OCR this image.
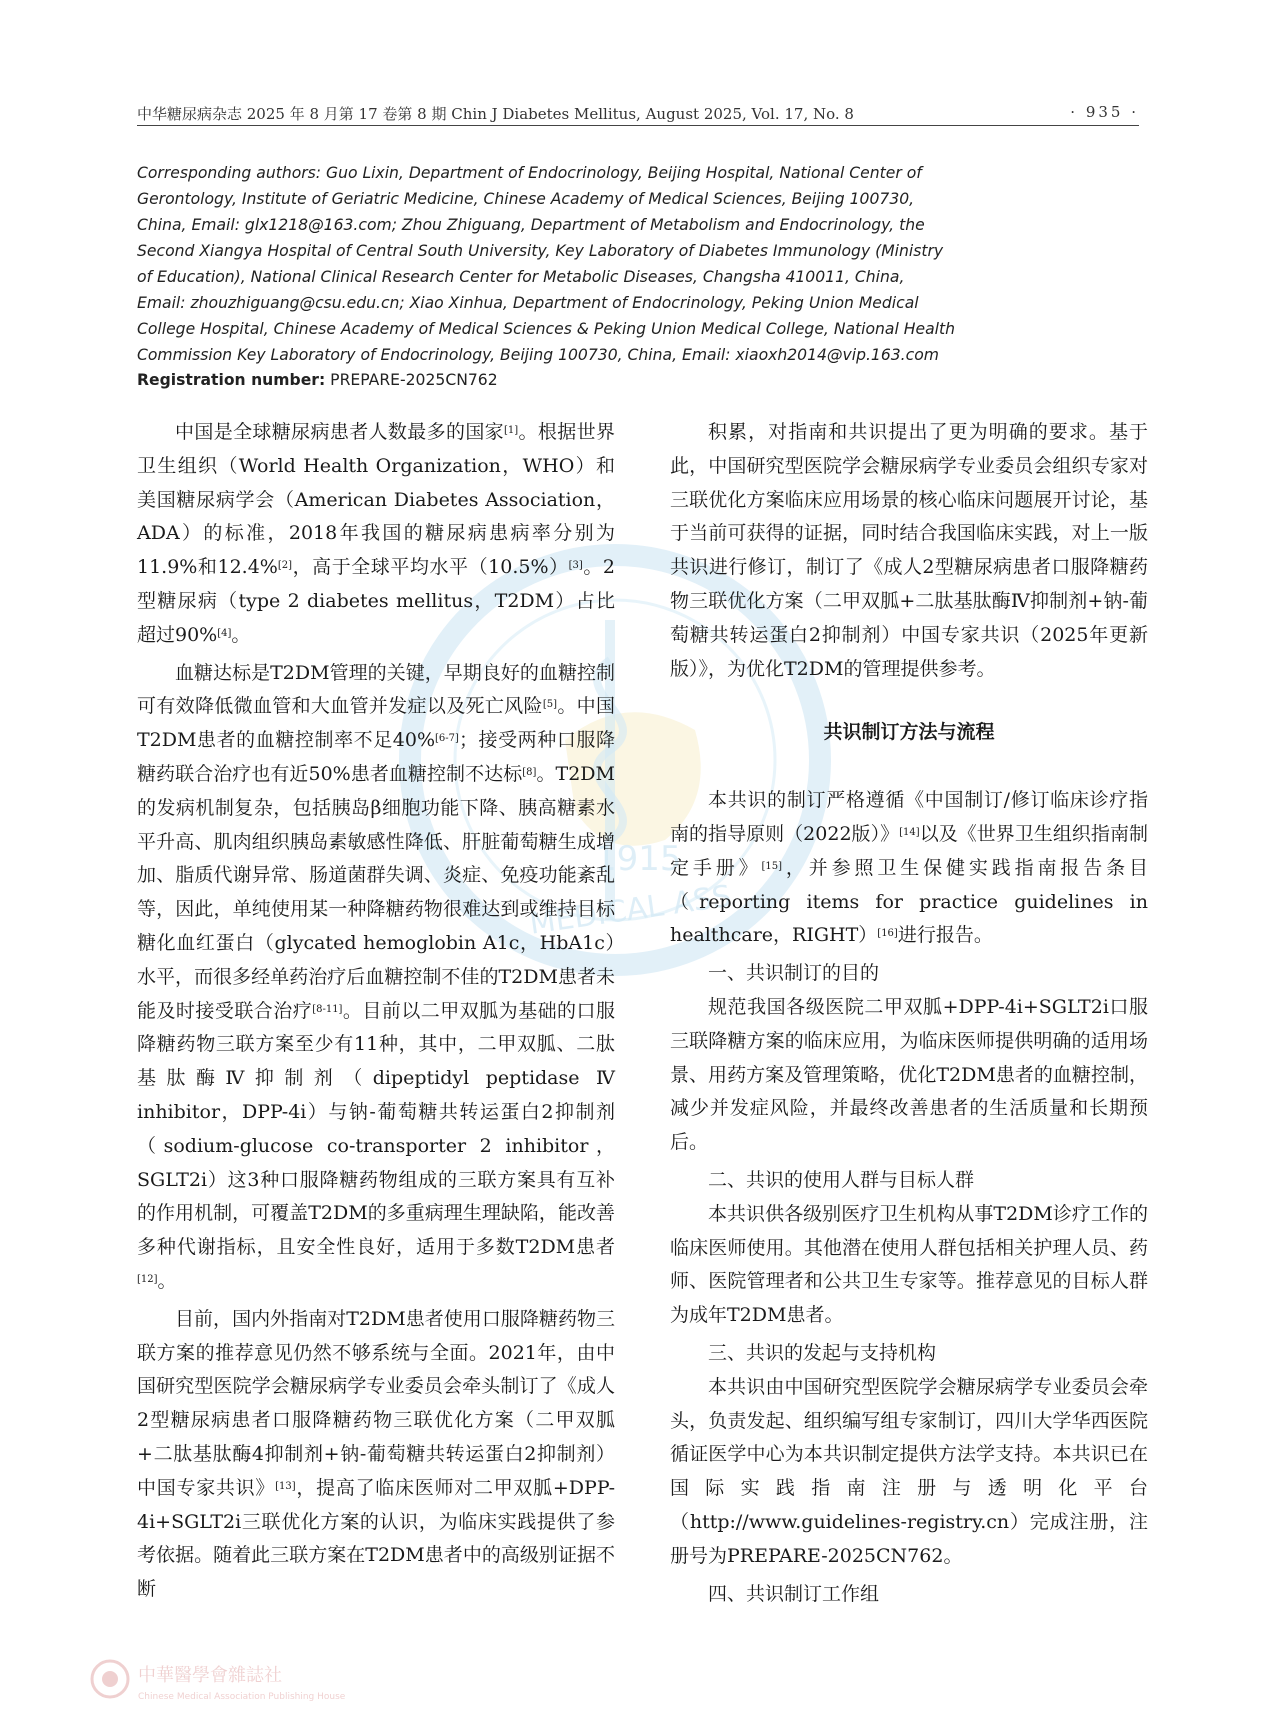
1915
MEDICAL ASS
中华糖尿病杂志 2025 年 8 月第 17 卷第 8 期 Chin J Diabetes Mellitus, August 2025, Vol. 17, No. 8	· 935 ·
Corresponding authors: Guo Lixin, Department of Endocrinology, Beijing Hospital, National Center of Gerontology, Institute of Geriatric Medicine, Chinese Academy of Medical Sciences, Beijing 100730, China, Email: glx1218@163.com; Zhou Zhiguang, Department of Metabolism and Endocrinology, the Second Xiangya Hospital of Central South University, Key Laboratory of Diabetes Immunology (Ministry of Education), National Clinical Research Center for Metabolic Diseases, Changsha 410011, China, Email: zhouzhiguang@csu.edu.cn; Xiao Xinhua, Department of Endocrinology, Peking Union Medical College Hospital, Chinese Academy of Medical Sciences & Peking Union Medical College, National Health Commission Key Laboratory of Endocrinology, Beijing 100730, China, Email: xiaoxh2014@vip.163.com
Registration number: PREPARE-2025CN762

中国是全球糖尿病患者人数最多的国家[1]。根据世界卫生组织（World Health Organization，WHO）和美国糖尿病学会（American Diabetes Association，ADA）的标准，2018年我国的糖尿病患病率分别为11.9%和12.4%[2]，高于全球平均水平（10.5%）[3]。2型糖尿病（type 2 diabetes mellitus，T2DM）占比超过90%[4]。

血糖达标是T2DM管理的关键，早期良好的血糖控制可有效降低微血管和大血管并发症以及死亡风险[5]。中国T2DM患者的血糖控制率不足40%[6-7]；接受两种口服降糖药联合治疗也有近50%患者血糖控制不达标[8]。T2DM的发病机制复杂，包括胰岛β细胞功能下降、胰高糖素水平升高、肌肉组织胰岛素敏感性降低、肝脏葡萄糖生成增加、脂质代谢异常、肠道菌群失调、炎症、免疫功能紊乱等，因此，单纯使用某一种降糖药物很难达到或维持目标糖化血红蛋白（glycated hemoglobin A1c，HbA1c）水平，而很多经单药治疗后血糖控制不佳的T2DM患者未能及时接受联合治疗[8-11]。目前以二甲双胍为基础的口服降糖药物三联方案至少有11种，其中，二甲双胍、二肽基肽酶Ⅳ抑制剂（dipeptidyl peptidase Ⅳ inhibitor，DPP-4i）与钠-葡萄糖共转运蛋白2抑制剂（sodium-glucose co-transporter 2 inhibitor，SGLT2i）这3种口服降糖药物组成的三联方案具有互补的作用机制，可覆盖T2DM的多重病理生理缺陷，能改善多种代谢指标，且安全性良好，适用于多数T2DM患者[12]。

目前，国内外指南对T2DM患者使用口服降糖药物三联方案的推荐意见仍然不够系统与全面。2021年，由中国研究型医院学会糖尿病学专业委员会牵头制订了《成人2型糖尿病患者口服降糖药物三联优化方案（二甲双胍+二肽基肽酶4抑制剂+钠-葡萄糖共转运蛋白2抑制剂）中国专家共识》[13]，提高了临床医师对二甲双胍+DPP-4i+SGLT2i三联优化方案的认识，为临床实践提供了参考依据。随着此三联方案在T2DM患者中的高级别证据不断

积累，对指南和共识提出了更为明确的要求。基于此，中国研究型医院学会糖尿病学专业委员会组织专家对三联优化方案临床应用场景的核心临床问题展开讨论，基于当前可获得的证据，同时结合我国临床实践，对上一版共识进行修订，制订了《成人2型糖尿病患者口服降糖药物三联优化方案（二甲双胍+二肽基肽酶Ⅳ抑制剂+钠-葡萄糖共转运蛋白2抑制剂）中国专家共识（2025年更新版）》，为优化T2DM的管理提供参考。

共识制订方法与流程

本共识的制订严格遵循《中国制订/修订临床诊疗指南的指导原则（2022版）》[14]以及《世界卫生组织指南制定手册》[15]，并参照卫生保健实践指南报告条目（reporting items for practice guidelines in healthcare，RIGHT）[16]进行报告。

一、共识制订的目的

规范我国各级医院二甲双胍+DPP-4i+SGLT2i口服三联降糖方案的临床应用，为临床医师提供明确的适用场景、用药方案及管理策略，优化T2DM患者的血糖控制，减少并发症风险，并最终改善患者的生活质量和长期预后。

二、共识的使用人群与目标人群

本共识供各级别医疗卫生机构从事T2DM诊疗工作的临床医师使用。其他潜在使用人群包括相关护理人员、药师、医院管理者和公共卫生专家等。推荐意见的目标人群为成年T2DM患者。

三、共识的发起与支持机构

本共识由中国研究型医院学会糖尿病学专业委员会牵头，负责发起、组织编写组专家制订，四川大学华西医院循证医学中心为本共识制定提供方法学支持。本共识已在国际实践指南注册与透明化平台（http://www.guidelines-registry.cn）完成注册，注册号为PREPARE-2025CN762。

四、共识制订工作组

中華醫學會雜誌社
Chinese Medical Association Publishing House
